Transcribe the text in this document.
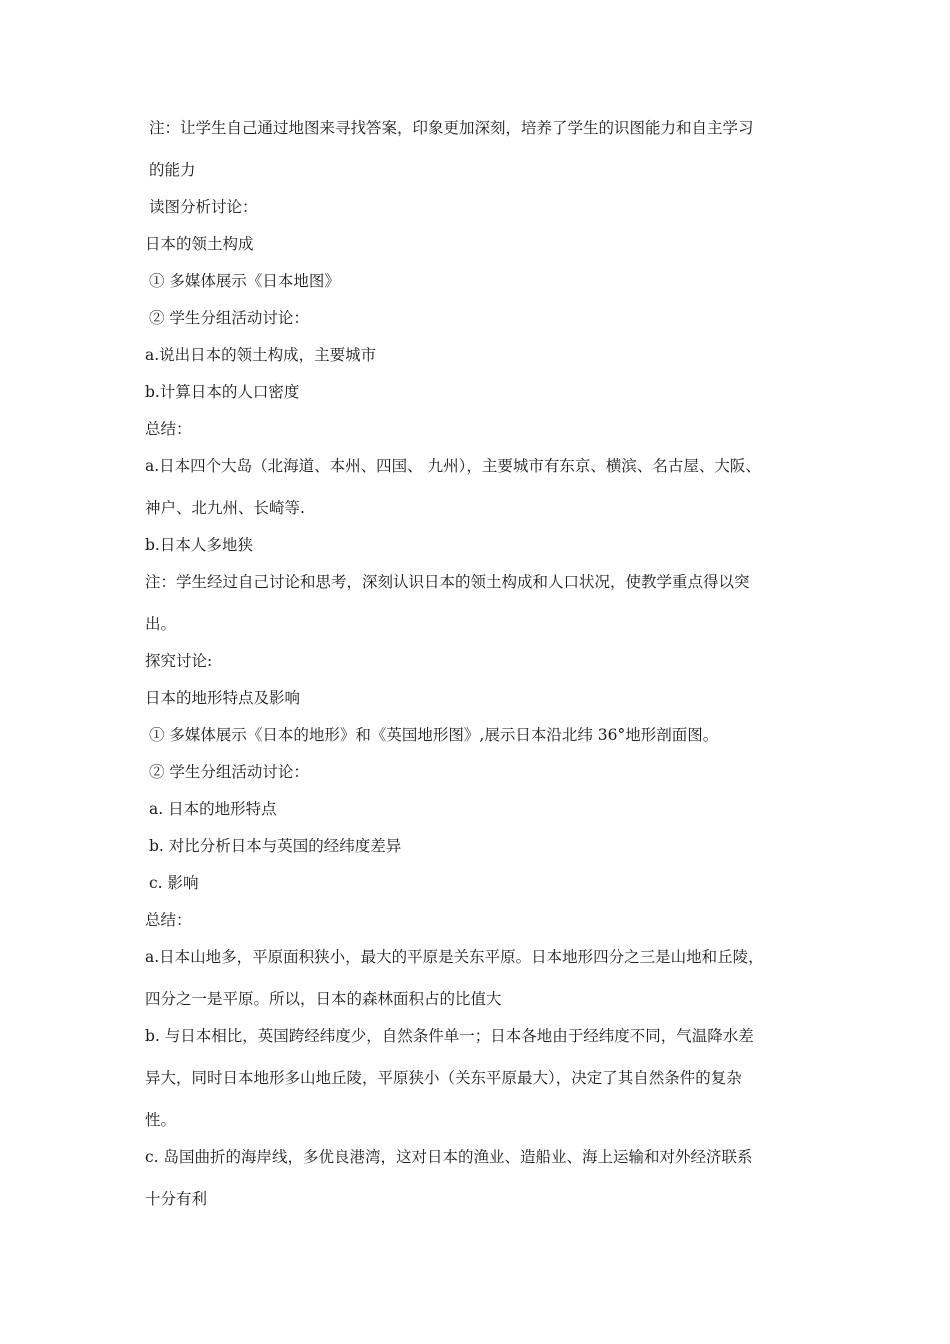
注：让学生自己通过地图来寻找答案，印象更加深刻，培养了学生的识图能力和自主学习

的能力

读图分析讨论：

日本的领土构成

① 多媒体展示《日本地图》

② 学生分组活动讨论：

a.说出日本的领土构成，主要城市

b.计算日本的人口密度

总结：

a.日本四个大岛（北海道、本州、四国、 九州），主要城市有东京、横滨、名古屋、大阪、

神户、北九州、长崎等.

b.日本人多地狭

注：学生经过自己讨论和思考，深刻认识日本的领土构成和人口状况，使教学重点得以突

出。

探究讨论:

日本的地形特点及影响

① 多媒体展示《日本的地形》和《英国地形图》,展示日本沿北纬 36°地形剖面图。

② 学生分组活动讨论：

a. 日本的地形特点

b. 对比分析日本与英国的经纬度差异

c. 影响

总结：

a.日本山地多，平原面积狭小，最大的平原是关东平原。日本地形四分之三是山地和丘陵，

四分之一是平原。所以，日本的森林面积占的比值大

b. 与日本相比，英国跨经纬度少，自然条件单一；日本各地由于经纬度不同，气温降水差

异大，同时日本地形多山地丘陵，平原狭小（关东平原最大），决定了其自然条件的复杂

性。

c. 岛国曲折的海岸线，多优良港湾，这对日本的渔业、造船业、海上运输和对外经济联系

十分有利
